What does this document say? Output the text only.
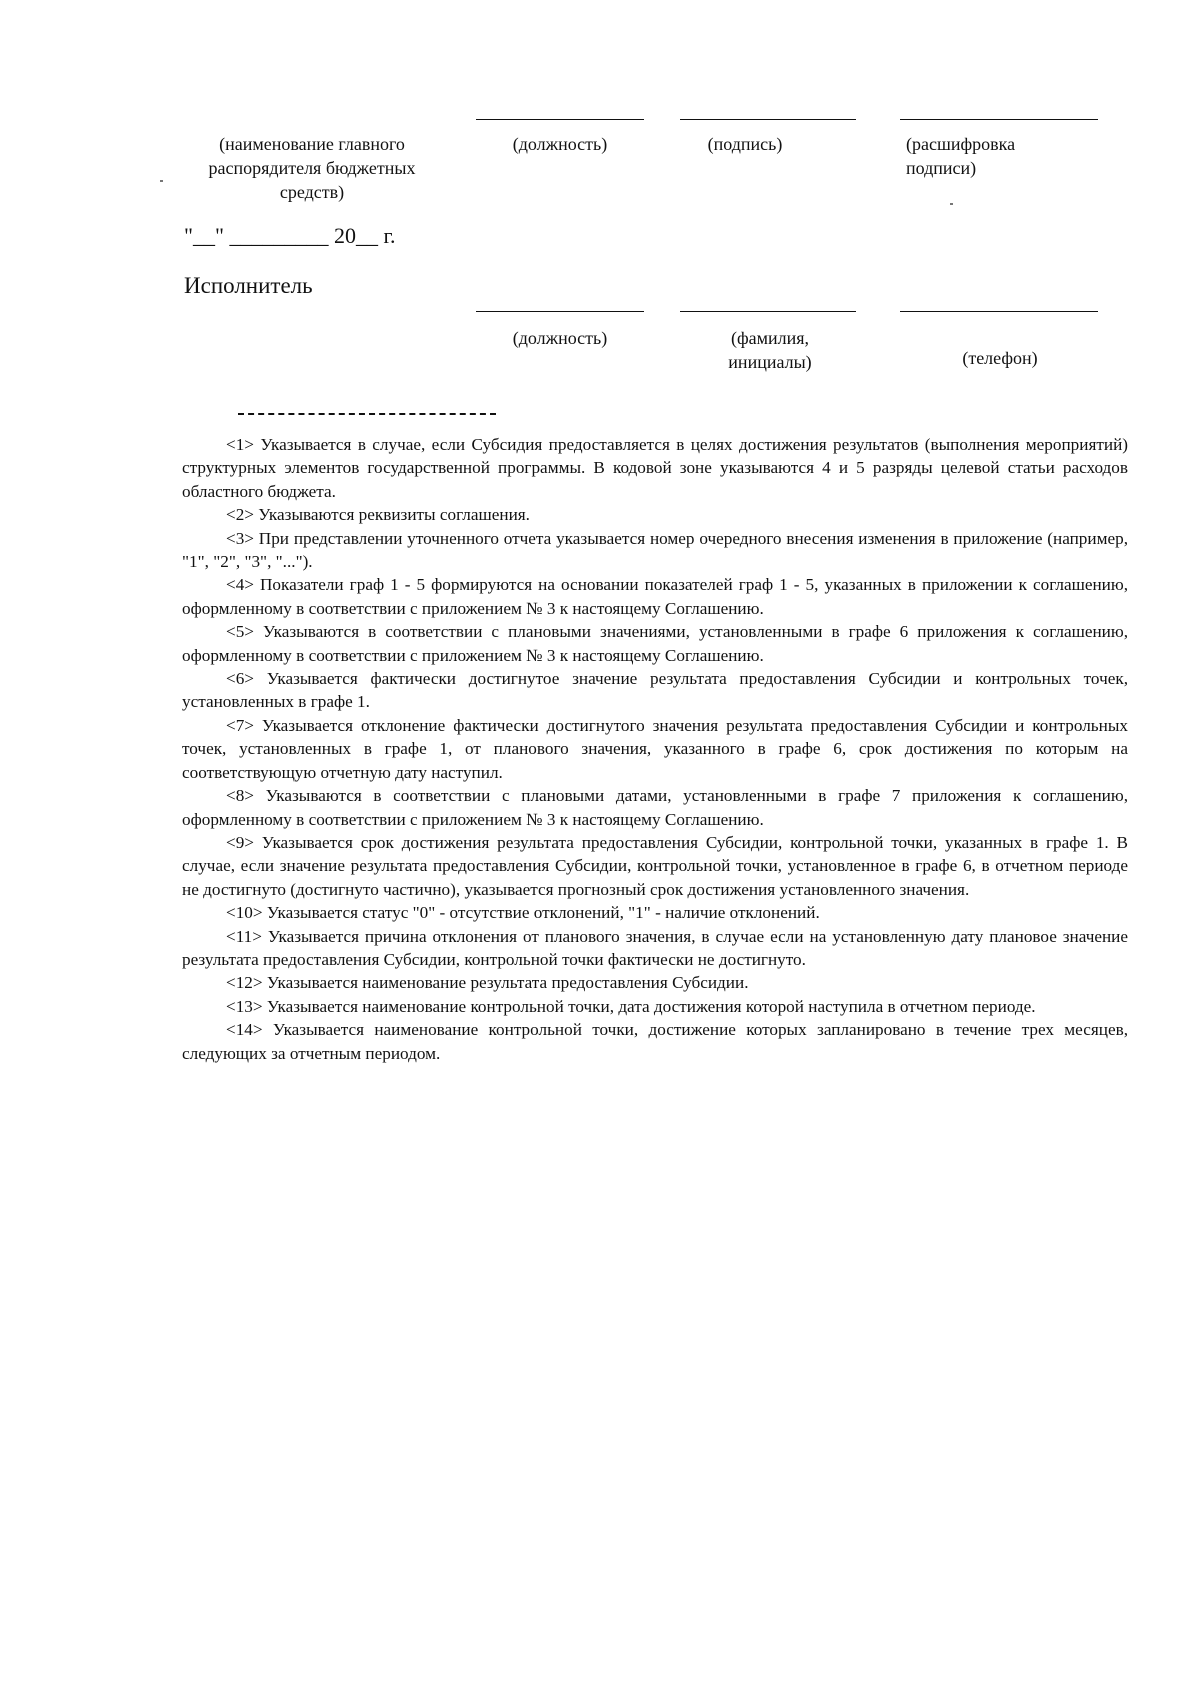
(наименование главного распорядителя бюджетных средств)
(должность)	(подпись)	(расшифровка подписи)
"__" _________ 20__ г.
Исполнитель
(должность)	(фамилия, инициалы)	(телефон)

<1> Указывается в случае, если Субсидия предоставляется в целях достижения результатов (выполнения мероприятий) структурных элементов государственной программы. В кодовой зоне указываются 4 и 5 разряды целевой статьи расходов областного бюджета.

<2> Указываются реквизиты соглашения.

<3> При представлении уточненного отчета указывается номер очередного внесения изменения в приложение (например, "1", "2", "3", "...").

<4> Показатели граф 1 - 5 формируются на основании показателей граф 1 - 5, указанных в приложении к соглашению, оформленному в соответствии с приложением № 3 к настоящему Соглашению.

<5> Указываются в соответствии с плановыми значениями, установленными в графе 6 приложения к соглашению, оформленному в соответствии с приложением № 3 к настоящему Соглашению.

<6> Указывается фактически достигнутое значение результата предоставления Субсидии и контрольных точек, установленных в графе 1.

<7> Указывается отклонение фактически достигнутого значения результата предоставления Субсидии и контрольных точек, установленных в графе 1, от планового значения, указанного в графе 6, срок достижения по которым на соответствующую отчетную дату наступил.

<8> Указываются в соответствии с плановыми датами, установленными в графе 7 приложения к соглашению, оформленному в соответствии с приложением № 3 к настоящему Соглашению.

<9> Указывается срок достижения результата предоставления Субсидии, контрольной точки, указанных в графе 1. В случае, если значение результата предоставления Субсидии, контрольной точки, установленное в графе 6, в отчетном периоде не достигнуто (достигнуто частично), указывается прогнозный срок достижения установленного значения.

<10> Указывается статус "0" - отсутствие отклонений, "1" - наличие отклонений.

<11> Указывается причина отклонения от планового значения, в случае если на установленную дату плановое значение результата предоставления Субсидии, контрольной точки фактически не достигнуто.

<12> Указывается наименование результата предоставления Субсидии.

<13> Указывается наименование контрольной точки, дата достижения которой наступила в отчетном периоде.

<14> Указывается наименование контрольной точки, достижение которых запланировано в течение трех месяцев, следующих за отчетным периодом.
